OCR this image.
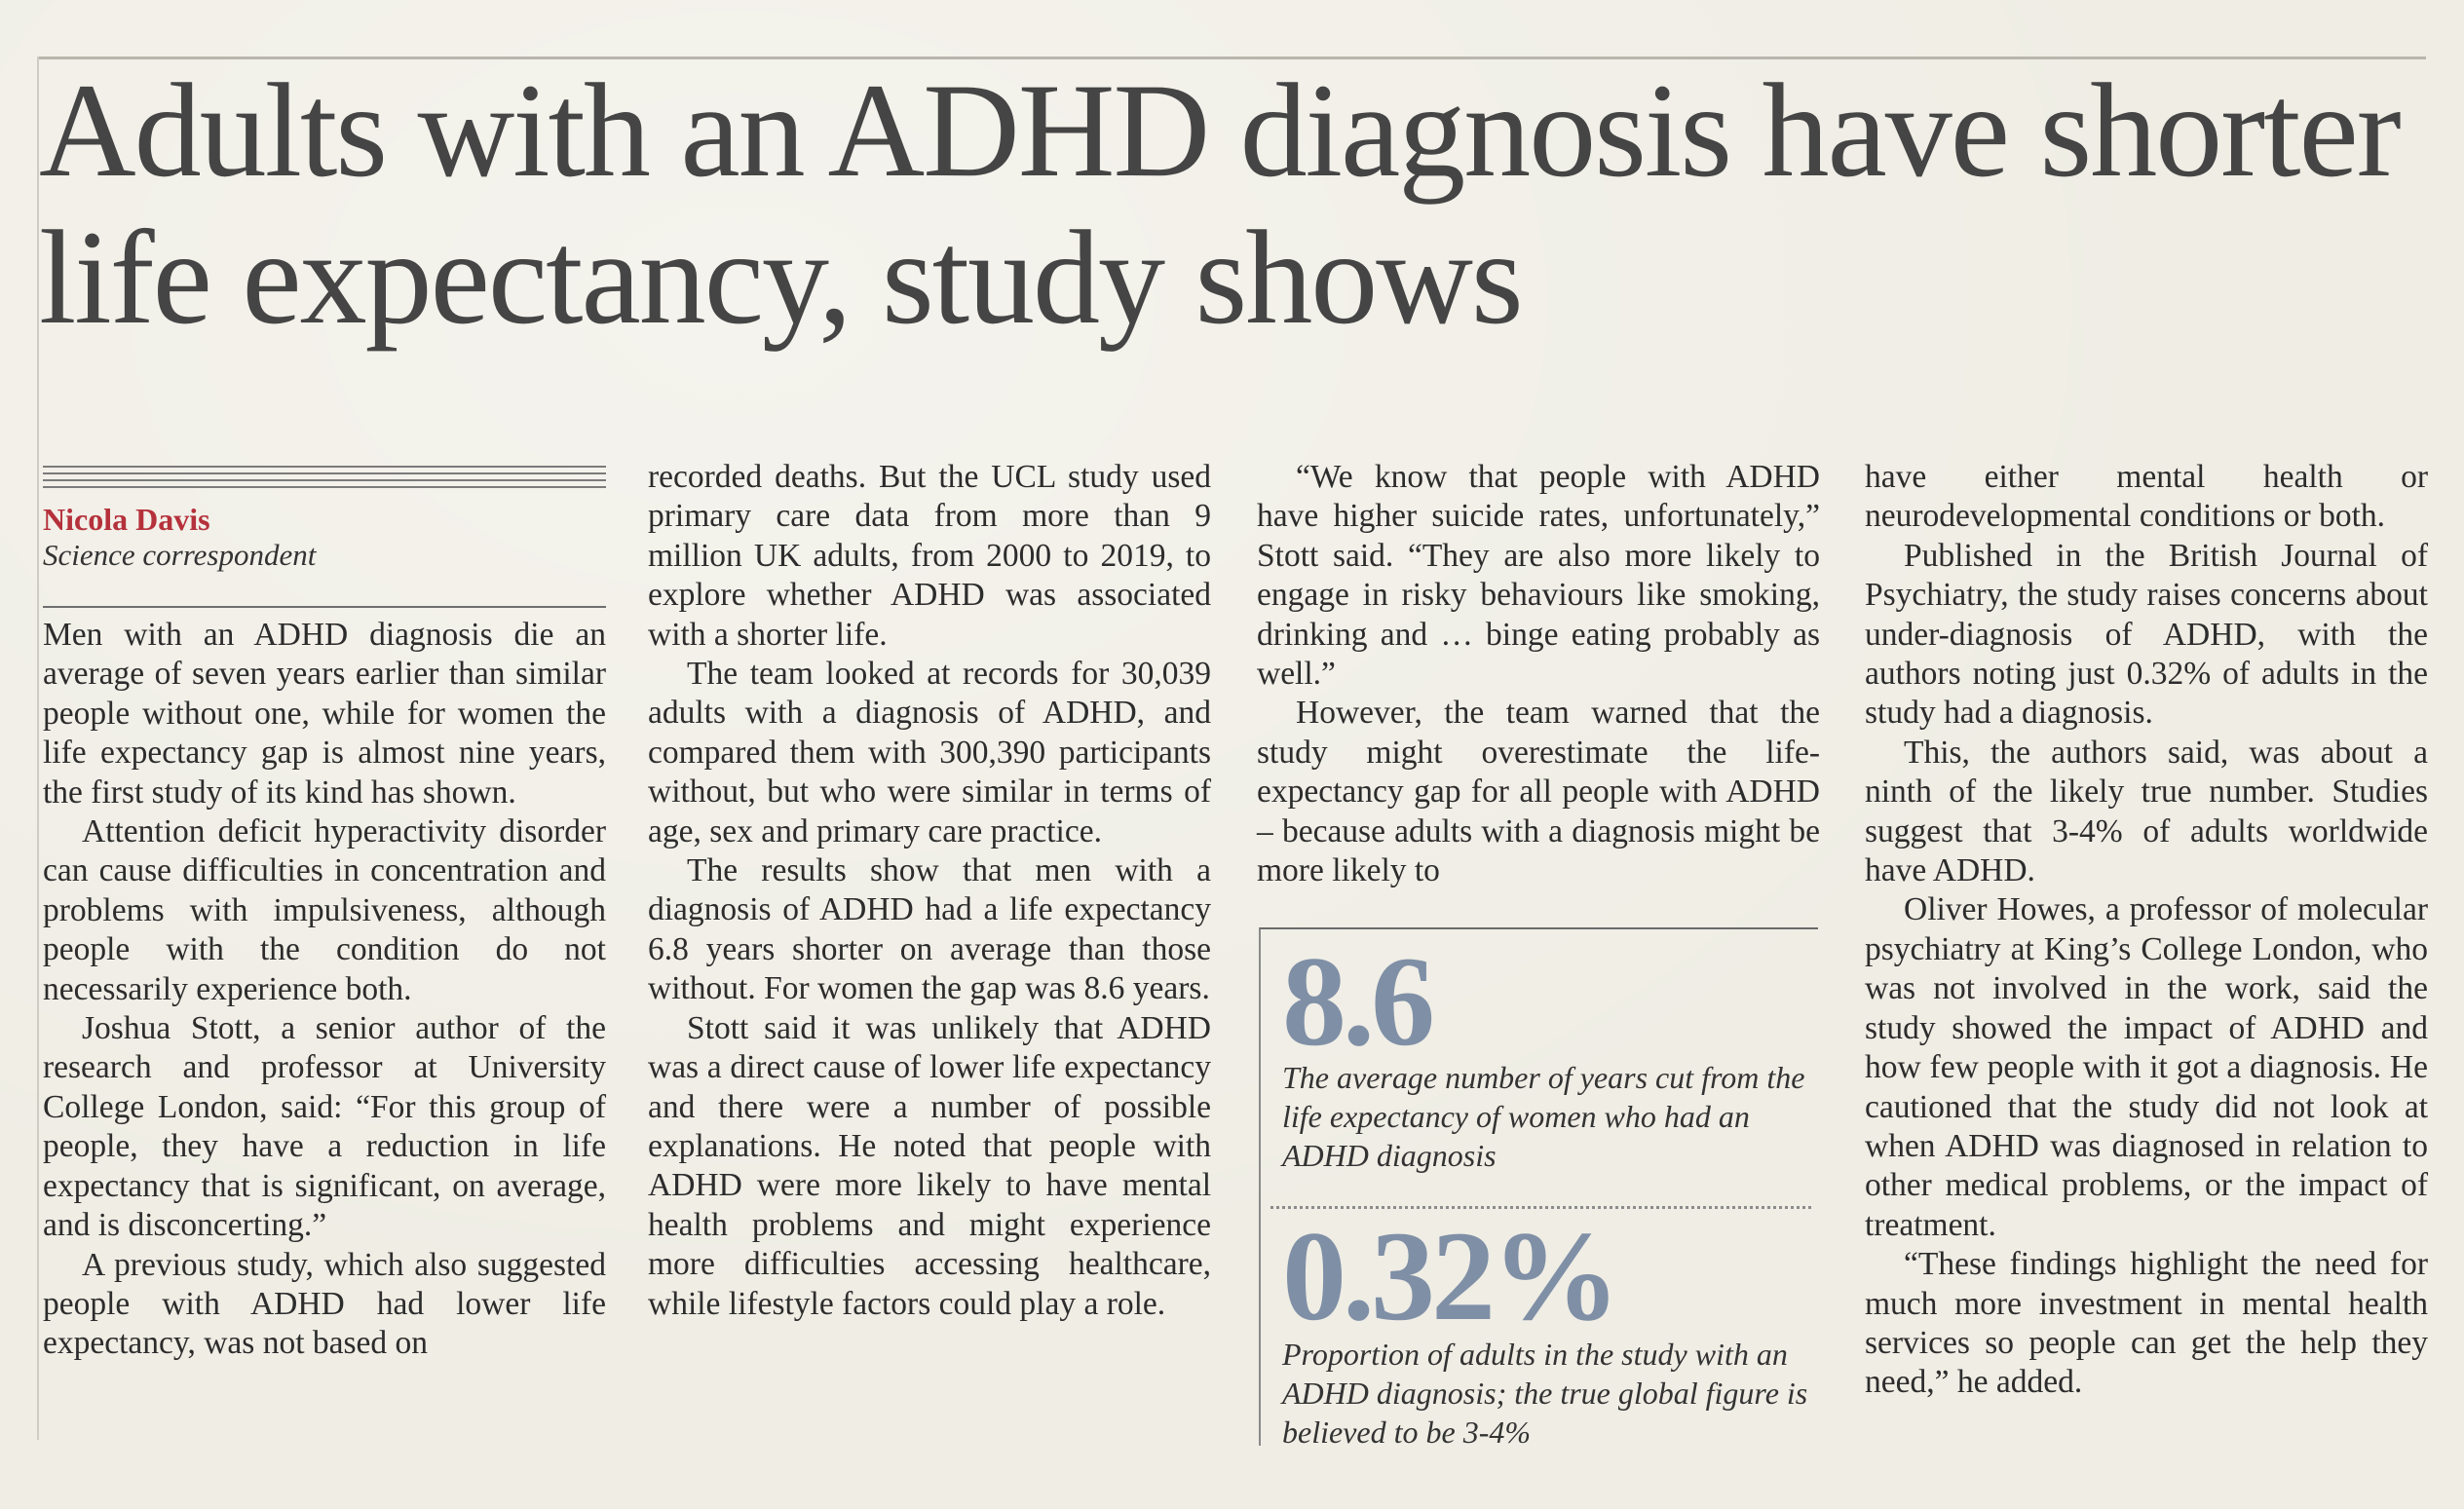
Adults with an ADHD diagnosis have shorter life expectancy, study shows
Nicola Davis
Science correspondent

Men with an ADHD diagnosis die an average of seven years earlier than similar people without one, while for women the life expectancy gap is almost nine years, the first study of its kind has shown.

Attention deficit hyperactivity disorder can cause difficulties in concentration and problems with impulsiveness, although people with the condition do not necessarily experience both.

Joshua Stott, a senior author of the research and professor at University College London, said: “For this group of people, they have a reduction in life expectancy that is significant, on average, and is disconcerting.”

A previous study, which also suggested people with ADHD had lower life expectancy, was not based on

recorded deaths. But the UCL study used primary care data from more than 9 million UK adults, from 2000 to 2019, to explore whether ADHD was associated with a shorter life.

The team looked at records for 30,039 adults with a diagnosis of ADHD, and compared them with 300,390 participants without, but who were similar in terms of age, sex and primary care practice.

The results show that men with a diagnosis of ADHD had a life expectancy 6.8 years shorter on average than those without. For women the gap was 8.6 years.

Stott said it was unlikely that ADHD was a direct cause of lower life expectancy and there were a number of possible explanations. He noted that people with ADHD were more likely to have mental health problems and might experience more difficulties accessing healthcare, while lifestyle factors could play a role.

“We know that people with ADHD have higher suicide rates, unfortunately,” Stott said. “They are also more likely to engage in risky behaviours like smoking, drinking and … binge eating probably as well.”

However, the team warned that the study might overestimate the life-expectancy gap for all people with ADHD – because adults with a diagnosis might be more likely to

8.6
The average number of years cut from the life expectancy of women who had an ADHD diagnosis
0.32%
Proportion of adults in the study with an ADHD diagnosis; the true global figure is believed to be 3-4%

have either mental health or neurodevelopmental conditions or both.

Published in the British Journal of Psychiatry, the study raises concerns about under-diagnosis of ADHD, with the authors noting just 0.32% of adults in the study had a diagnosis.

This, the authors said, was about a ninth of the likely true number. Studies suggest that 3-4% of adults worldwide have ADHD.

Oliver Howes, a professor of molecular psychiatry at King’s College London, who was not involved in the work, said the study showed the impact of ADHD and how few people with it got a diagnosis. He cautioned that the study did not look at when ADHD was diagnosed in relation to other medical problems, or the impact of treatment.

“These findings highlight the need for much more investment in mental health services so people can get the help they need,” he added.
